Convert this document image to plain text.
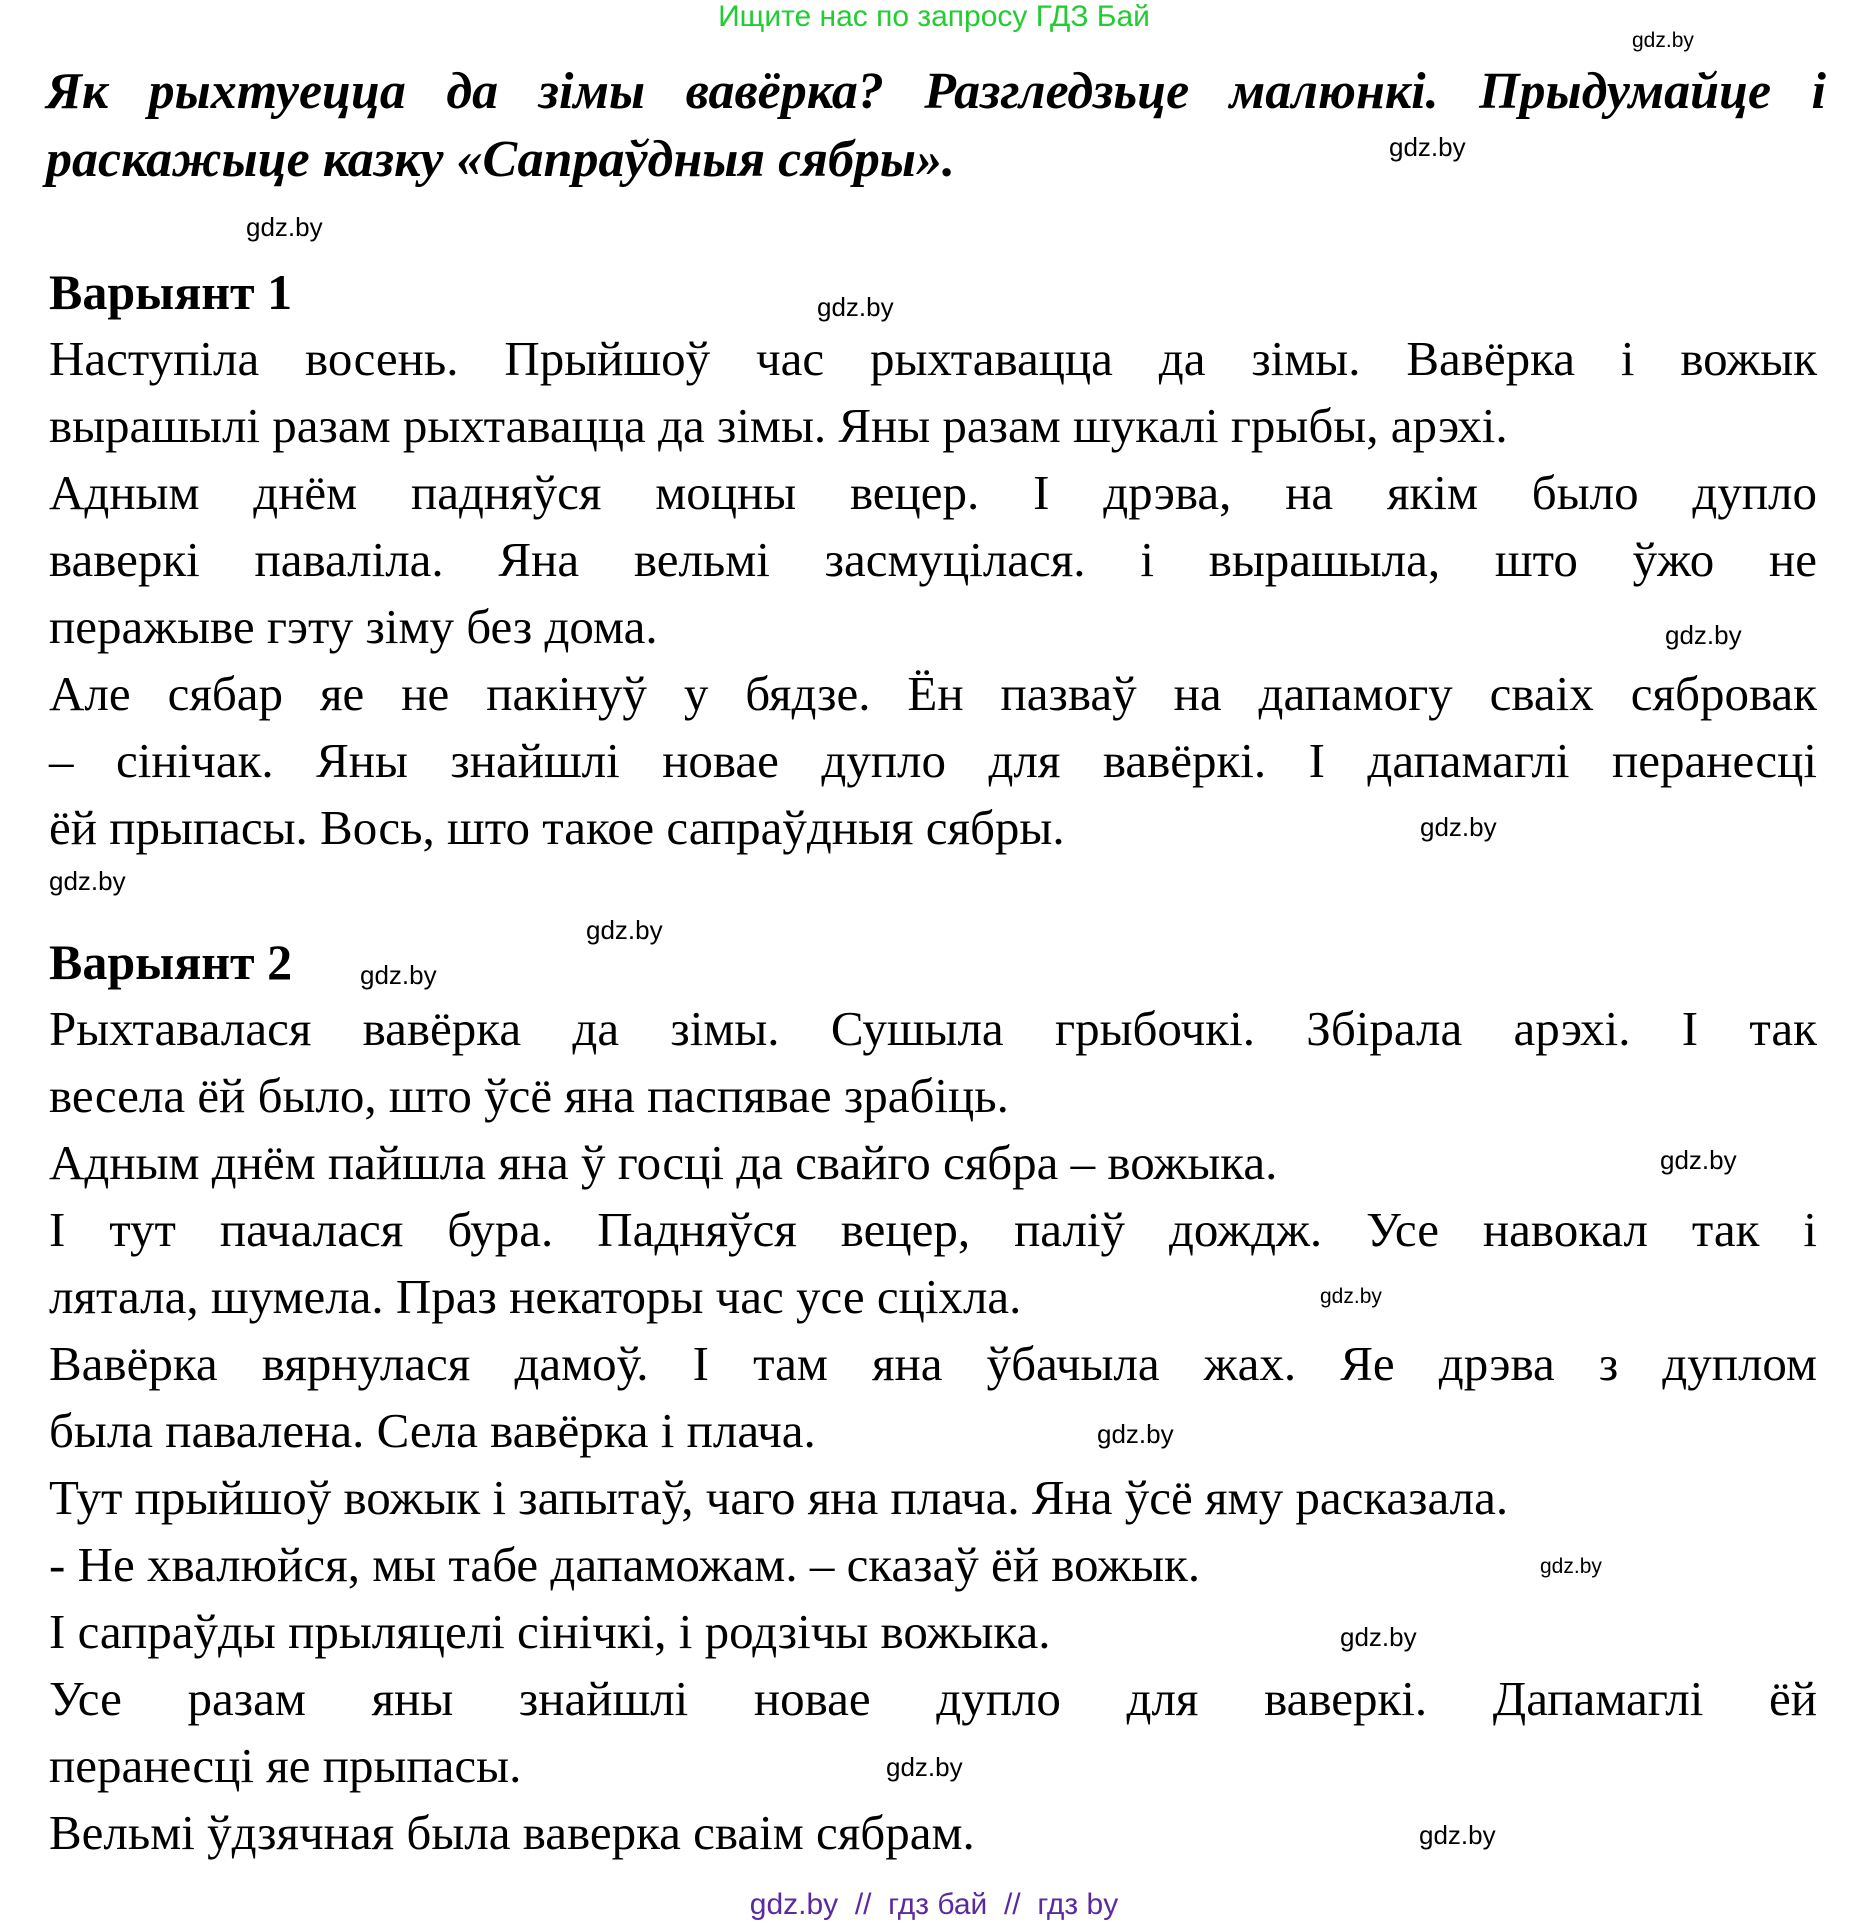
Ищите нас по запросу ГДЗ Бай
Як рыхтуецца да зімы вавёрка? Разгледзьце малюнкі. Прыдумайце і
раскажыце казку «Сапраўдныя сябры».
Варыянт 1
Наступіла восень. Прыйшоў час рыхтавацца да зімы. Вавёрка і вожык
вырашылі разам рыхтавацца да зімы. Яны разам шукалі грыбы, арэхі.
Адным днём падняўся моцны вецер. І дрэва, на якім было дупло
ваверкі паваліла. Яна вельмі засмуцілася. і вырашыла, што ўжо не
перажыве гэту зіму без дома.
Але сябар яе не пакінуў у бядзе. Ён пазваў на дапамогу сваіх сябровак
– сінічак. Яны знайшлі новае дупло для вавёркі. І дапамаглі перанесці
ёй прыпасы. Вось, што такое сапраўдныя сябры.
Варыянт 2
Рыхтавалася вавёрка да зімы. Сушыла грыбочкі. Збірала арэхі. І так
весела ёй было, што ўсё яна паспявае зрабіць.
Адным днём пайшла яна ў госці да свайго сябра – вожыка.
І тут пачалася бура. Падняўся вецер, паліў дождж. Усе навокал так і
лятала, шумела. Праз некаторы час усе сціхла.
Вавёрка вярнулася дамоў. І там яна ўбачыла жах. Яе дрэва з дуплом
была павалена. Села вавёрка і плача.
Тут прыйшоў вожык і запытаў, чаго яна плача. Яна ўсё яму расказала.
- Не хвалюйся, мы табе дапаможам. – сказаў ёй вожык.
І сапраўды прыляцелі сінічкі, і родзічы вожыка.
Усе разам яны знайшлі новае дупло для ваверкі. Дапамаглі ёй
перанесці яе прыпасы.
Вельмі ўдзячная была ваверка сваім сябрам.
gdz.by
gdz.by
gdz.by
gdz.by
gdz.by
gdz.by
gdz.by
gdz.by
gdz.by
gdz.by
gdz.by
gdz.by
gdz.by
gdz.by
gdz.by
gdz.by
gdz.by  //  гдз бай  //  гдз by
